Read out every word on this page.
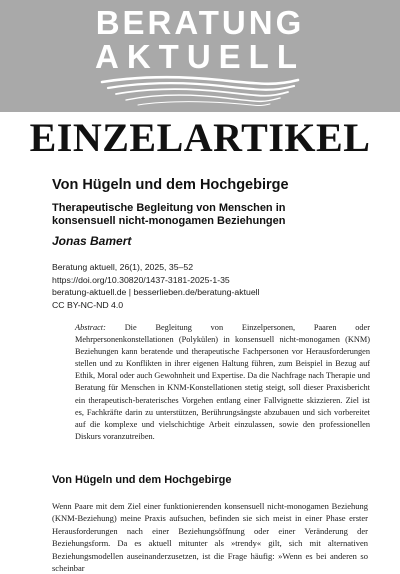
BERATUNG
AKTUELL
EINZELARTIKEL
Von Hügeln und dem Hochgebirge
Therapeutische Begleitung von Menschen in konsensuell nicht-monogamen Beziehungen
Jonas Bamert
Beratung aktuell, 26(1), 2025, 35–52
https://doi.org/10.30820/1437-3181-2025-1-35
beratung-aktuell.de | besserlieben.de/beratung-aktuell
CC BY-NC-ND 4.0
Abstract: Die Begleitung von Einzelpersonen, Paaren oder Mehrpersonenkonstellationen (Polykülen) in konsensuell nicht-monogamen (KNM) Beziehungen kann beratende und therapeutische Fachpersonen vor Herausforderungen stellen und zu Konflikten in ihrer eigenen Haltung führen, zum Beispiel in Bezug auf Ethik, Moral oder auch Gewohnheit und Expertise. Da die Nachfrage nach Therapie und Beratung für Menschen in KNM-Konstellationen stetig steigt, soll dieser Praxisbericht ein therapeutisch-beraterisches Vorgehen entlang einer Fallvignette skizzieren. Ziel ist es, Fachkräfte darin zu unterstützen, Berührungsängste abzubauen und sich vorbereitet auf die komplexe und vielschichtige Arbeit einzulassen, sowie den professionellen Diskurs voranzutreiben.
Von Hügeln und dem Hochgebirge
Wenn Paare mit dem Ziel einer funktionierenden konsensuell nicht-monogamen Beziehung (KNM-Beziehung) meine Praxis aufsuchen, befinden sie sich meist in einer Phase erster Herausforderungen nach einer Beziehungsöffnung oder einer Veränderung der Beziehungsform. Da es aktuell mitunter als »trendy« gilt, sich mit alternativen Beziehungsmodellen auseinanderzusetzen, ist die Frage häufig: »Wenn es bei anderen so scheinbar
